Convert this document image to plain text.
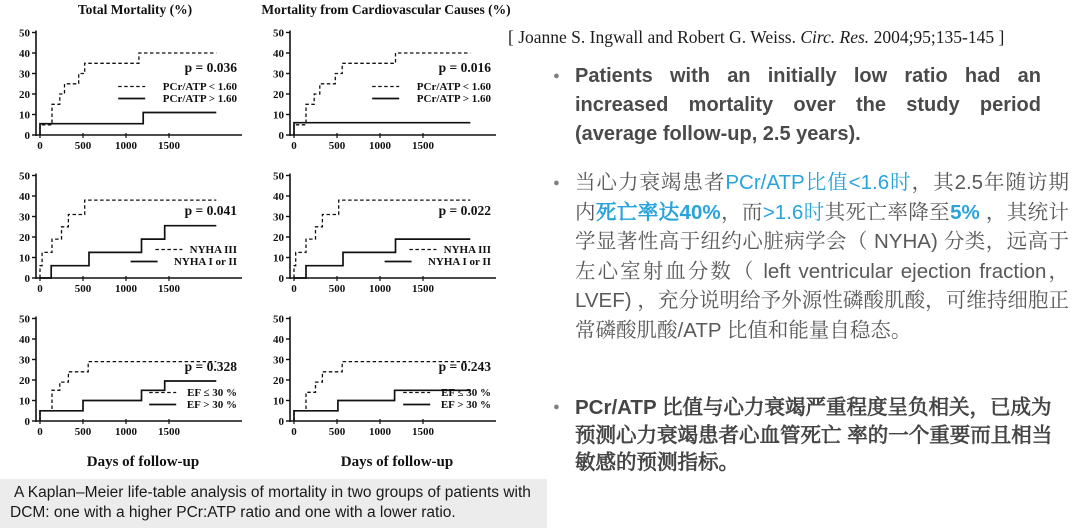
Total Mortality (%)	Mortality from Cardiovascular Causes (%)
0
10
20
30
40
50
0	500 1000 1500
p = 0.036
PCr/ATP < 1.60
PCr/ATP > 1.60
0
10
20
30
40
50
0	500 1000 1500
p = 0.016
PCr/ATP < 1.60
PCr/ATP > 1.60
0
10
20
30
40
50
0	500 1000 1500
p = 0.041
NYHA III
NYHA I or II
0
10
20
30
40
50
0	500 1000 1500
p = 0.022
NYHA III
NYHA I or II
0
10
20
30
40
50
0	500 1000 1500
p = 0.328
EF ≤ 30 %
EF > 30 %
0
10
20
30
40
50
0	500 1000 1500
p = 0.243
EF ≤ 30 %
EF > 30 %
Days of follow-up	Days of follow-up

A Kaplan–Meier life-table analysis of mortality in two groups of patients with DCM: one with a higher PCr:ATP ratio and one with a lower ratio.

[ Joanne S. Ingwall and Robert G. Weiss. Circ. Res. 2004;95;135-145 ]
● Patients with an initially low ratio had an increased mortality over the study period (average follow-up, 2.5 years).
● 当心力衰竭患者PCr/ATP比值<1.6时，其2.5年随访期内死亡率达40%，而>1.6时其死亡率降至5% ，其统计学显著性高于纽约心脏病学会（ NYHA) 分类，远高于左心室射血分数（ left ventricular ejection fraction，LVEF) ，充分说明给予外源性磷酸肌酸，可维持细胞正常磷酸肌酸/ATP 比值和能量自稳态。
● PCr/ATP 比值与心力衰竭严重程度呈负相关，已成为预测心力衰竭患者心血管死亡 率的一个重要而且相当敏感的预测指标。
